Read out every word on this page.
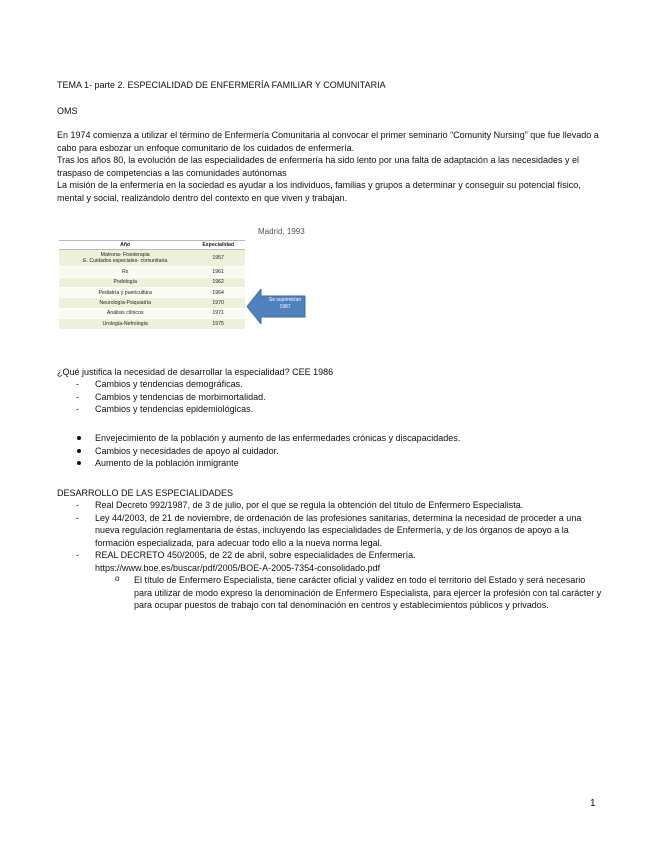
TEMA 1- parte 2. ESPECIALIDAD DE ENFERMERÍA FAMILIAR Y COMUNITARIA
OMS

En 1974 comienza a utilizar el término de Enfermería Comunitaria al convocar el primer seminario “Comunity Nursing” que fue llevado a cabo para esbozar un enfoque comunitario de los cuidados de enfermería.

Tras los años 80, la evolución de las especialidades de enfermería ha sido lento por una falta de adaptación a las necesidades y el traspaso de competencias a las comunidades autónomas

La misión de la enfermería en la sociedad es ayudar a los individuos, familias y grupos a determinar y conseguir su potencial físico, mental y social, realizándolo dentro del contexto en que viven y trabajan.

Madrid, 1993
Año	Especialidad

Matrona- Fisioterapia
E. Cuidados especiales- comunitaria	1957
Rx	1961
Podología	1962
Pediatría y puericultura	1964
Neurología-Psiquiatría	1970
Análisis clínicos	1971
Urología-Nefrología	1975
Se suprimirían 1987
¿Qué justifica la necesidad de desarrollar la especialidad? CEE 1986
- Cambios y tendencias demográficas.
- Cambios y tendencias de morbimortalidad.
- Cambios y tendencias epidemiológicas.
Envejecimiento de la población y aumento de las enfermedades crónicas y discapacidades.
Cambios y necesidades de apoyo al cuidador.
Aumento de la población inmigrante
DESARROLLO DE LAS ESPECIALIDADES
- Real Decreto 992/1987, de 3 de julio, por el que se regula la obtención del título de Enfermero Especialista.
- Ley 44/2003, de 21 de noviembre, de ordenación de las profesiones sanitarias, determina la necesidad de proceder a una nueva regulación reglamentaria de éstas, incluyendo las especialidades de Enfermería, y de los órganos de apoyo a la formación especializada, para adecuar todo ello a la nueva norma legal.
- REAL DECRETO 450/2005, de 22 de abril, sobre especialidades de Enfermería.
https://www.boe.es/buscar/pdf/2005/BOE-A-2005-7354-consolidado.pdf
o El título de Enfermero Especialista, tiene carácter oficial y validez en todo el territorio del Estado y será necesario para utilizar de modo expreso la denominación de Enfermero Especialista, para ejercer la profesión con tal carácter y para ocupar puestos de trabajo con tal denominación en centros y establecimientos públicos y privados.
1
